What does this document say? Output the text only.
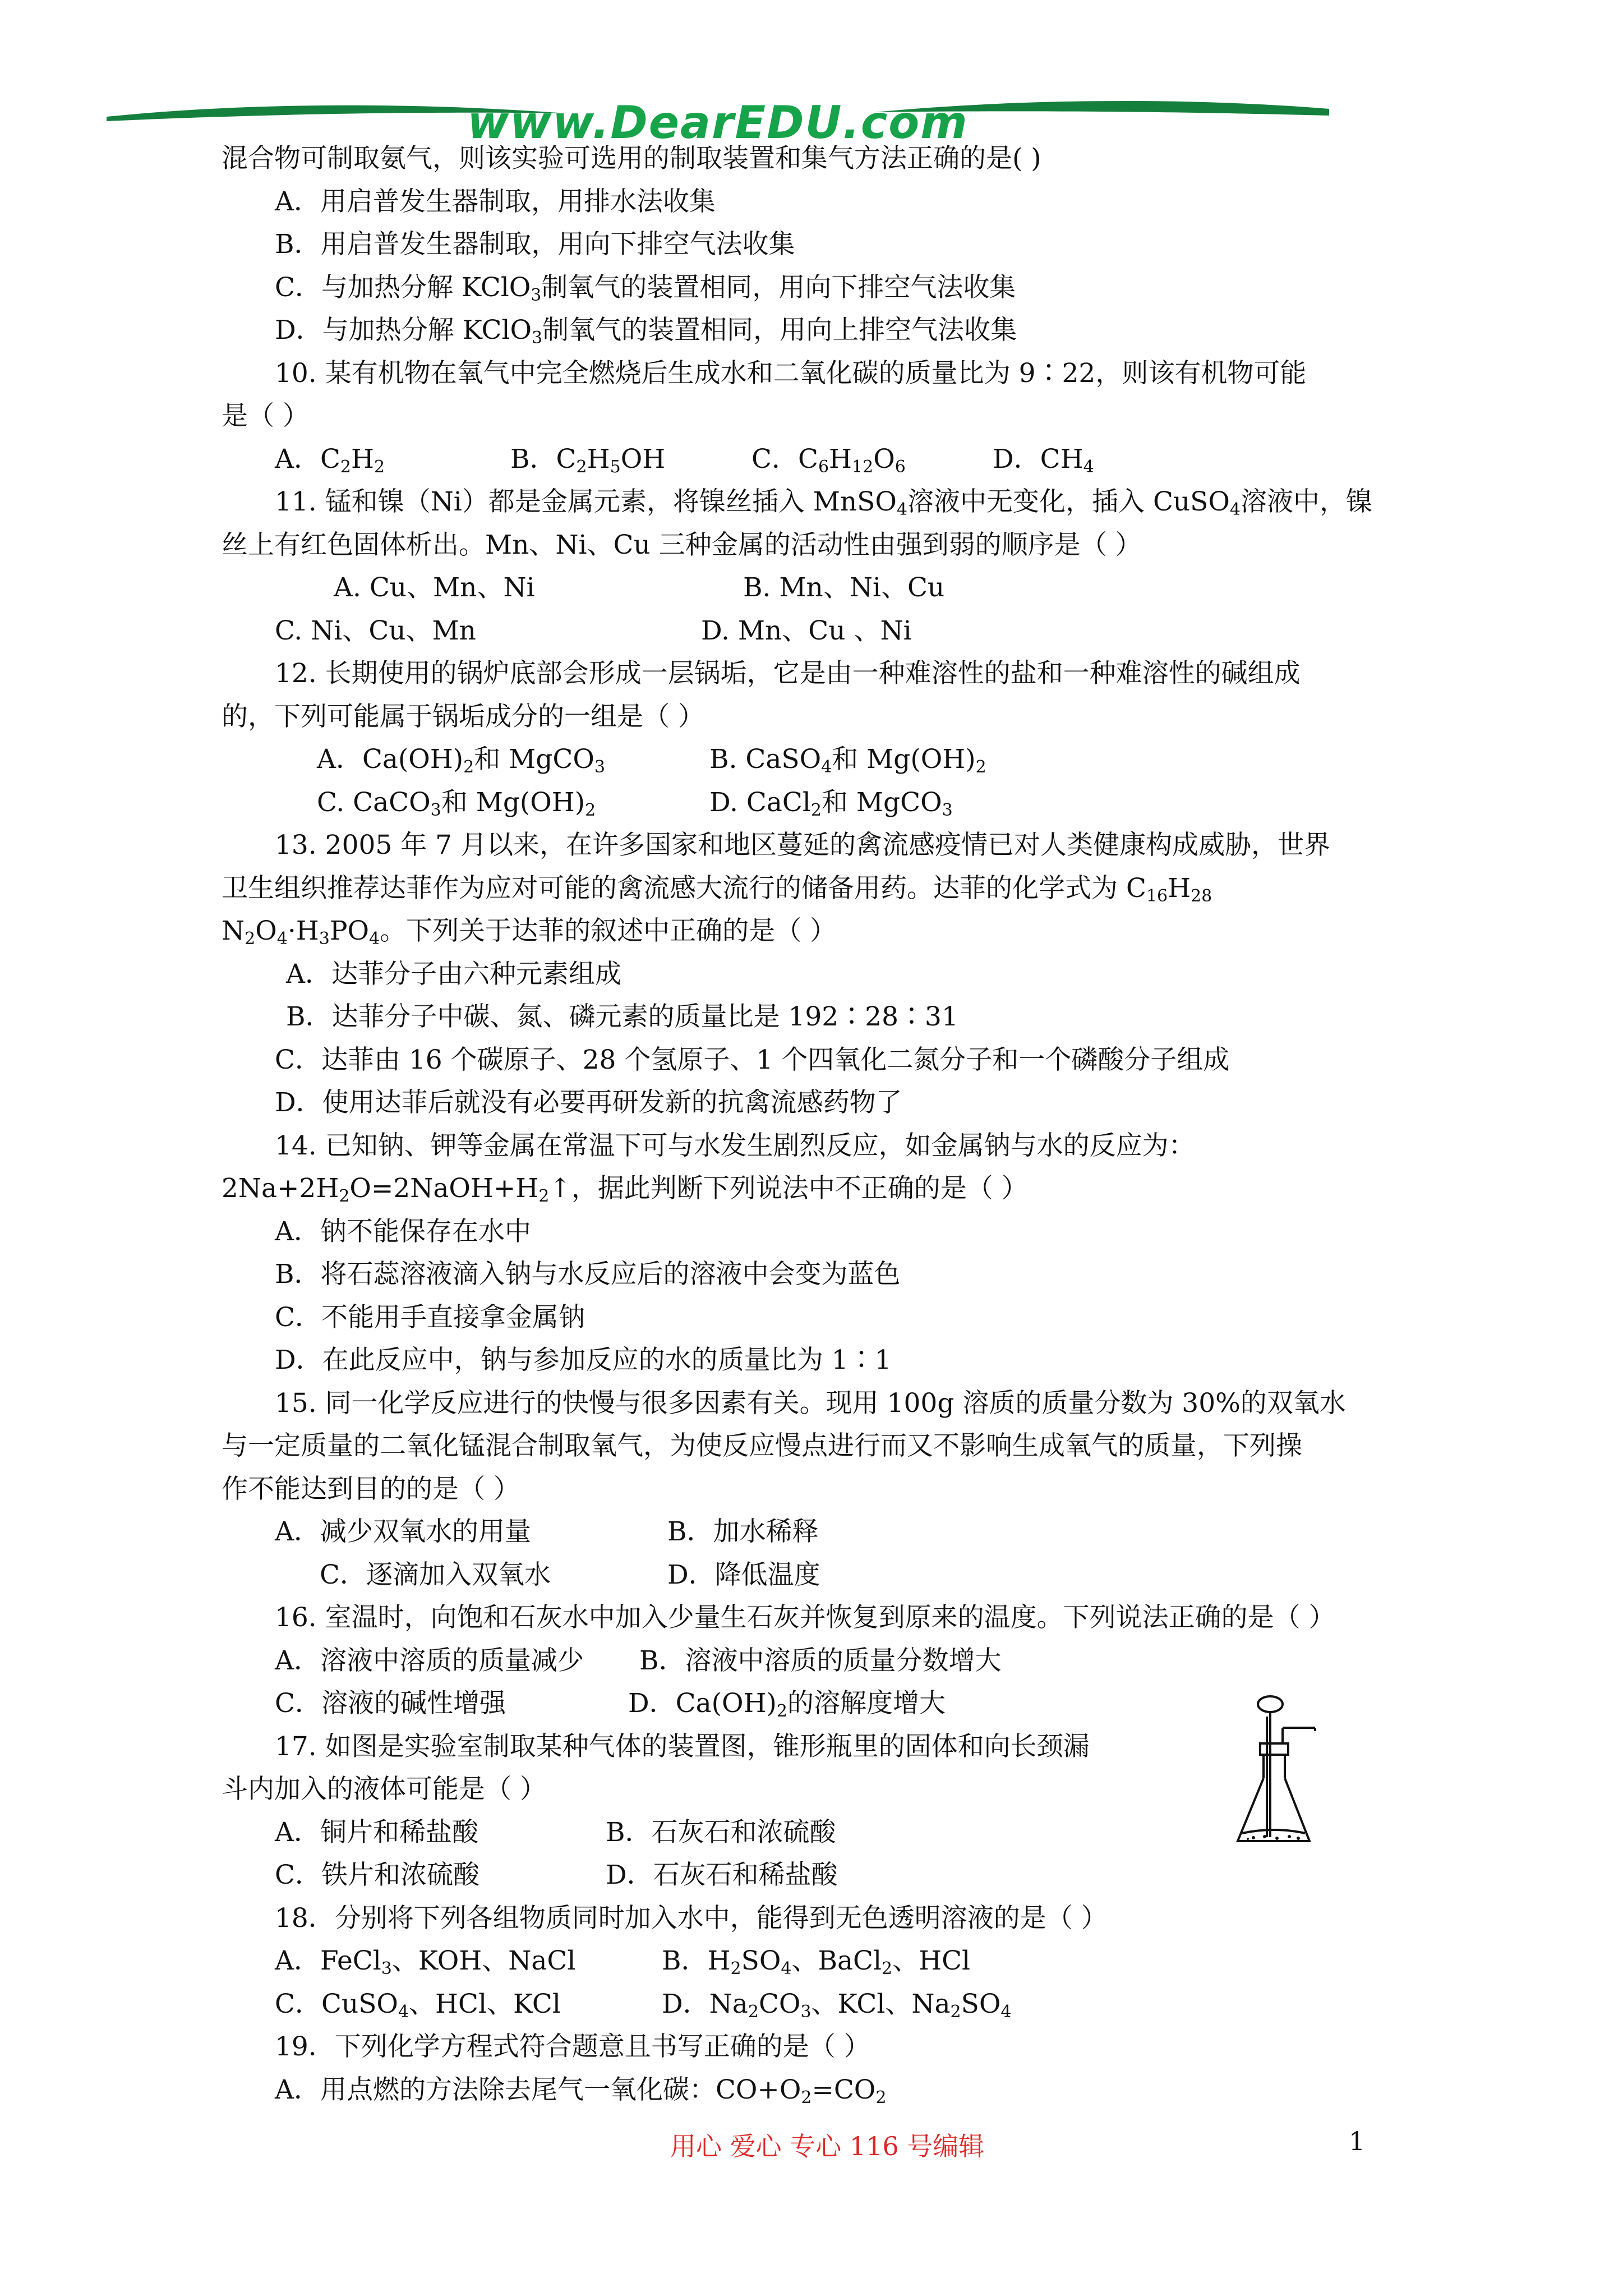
www.DearEDU.com
混合物可制取氨气，则该实验可选用的制取装置和集气方法正确的是( )
A．用启普发生器制取，用排水法收集
B．用启普发生器制取，用向下排空气法收集
C．与加热分解 KClO$_3$制氧气的装置相同，用向下排空气法收集
D．与加热分解 KClO$_3$制氧气的装置相同，用向上排空气法收集
10. 某有机物在氧气中完全燃烧后生成水和二氧化碳的质量比为 9∶22，则该有机物可能
是（ ）
A．$C_2H_2$	B．$C_2H_5OH$	C．$C_6H_{12}O_6$	D．$CH_4$
11. 锰和镍（Ni）都是金属元素，将镍丝插入 MnSO$_4$溶液中无变化，插入 CuSO$_4$溶液中，镍
丝上有红色固体析出。Mn、Ni、Cu 三种金属的活动性由强到弱的顺序是（ ）
A. Cu、Mn、Ni	B. Mn、Ni、Cu
C. Ni、Cu、Mn	D. Mn、Cu 、Ni
12. 长期使用的锅炉底部会形成一层锅垢，它是由一种难溶性的盐和一种难溶性的碱组成
的，下列可能属于锅垢成分的一组是（ ）
A．$Ca(OH)_2$和 MgCO$_3$	B. CaSO$_4$和 $Mg(OH)_2$
C. CaCO$_3$和 $Mg(OH)_2$	D. CaCl$_2$和 MgCO$_3$
13. 2005 年 7 月以来，在许多国家和地区蔓延的禽流感疫情已对人类健康构成威胁，世界
卫生组织推荐达菲作为应对可能的禽流感大流行的储备用药。达菲的化学式为 $C_{16}H_{28}$
$N_2O_4\cdot H_3PO_4$。下列关于达菲的叙述中正确的是（ ）
A．达菲分子由六种元素组成
B．达菲分子中碳、氮、磷元素的质量比是 192∶28∶31
C．达菲由 16 个碳原子、28 个氢原子、1 个四氧化二氮分子和一个磷酸分子组成
D．使用达菲后就没有必要再研发新的抗禽流感药物了
14. 已知钠、钾等金属在常温下可与水发生剧烈反应，如金属钠与水的反应为：
$2Na+2H_2O=2NaOH+H_2↑$，据此判断下列说法中不正确的是（ ）
A．钠不能保存在水中
B．将石蕊溶液滴入钠与水反应后的溶液中会变为蓝色
C．不能用手直接拿金属钠
D．在此反应中，钠与参加反应的水的质量比为 1∶1
15. 同一化学反应进行的快慢与很多因素有关。现用 100g 溶质的质量分数为 30%的双氧水
与一定质量的二氧化锰混合制取氧气，为使反应慢点进行而又不影响生成氧气的质量，下列操
作不能达到目的的是（ ）
A．减少双氧水的用量	B．加水稀释
C．逐滴加入双氧水	D．降低温度
16. 室温时，向饱和石灰水中加入少量生石灰并恢复到原来的温度。下列说法正确的是（ ）
A．溶液中溶质的质量减少 B．溶液中溶质的质量分数增大
C．溶液的碱性增强	D．$Ca(OH)_2$的溶解度增大
17. 如图是实验室制取某种气体的装置图，锥形瓶里的固体和向长颈漏
斗内加入的液体可能是（ ）
A．铜片和稀盐酸	B．石灰石和浓硫酸
C．铁片和浓硫酸	D．石灰石和稀盐酸
18．分别将下列各组物质同时加入水中，能得到无色透明溶液的是（ ）
A．FeCl$_3$、KOH、NaCl	B．$H_2SO_4$、BaCl$_2$、HCl
C．CuSO$_4$、HCl、KCl	D．$Na_2CO_3$、KCl、$Na_2SO_4$
19．下列化学方程式符合题意且书写正确的是（ ）
A．用点燃的方法除去尾气一氧化碳：$CO+O_2=CO_2$
用心 爱心 专心 116 号编辑	1
